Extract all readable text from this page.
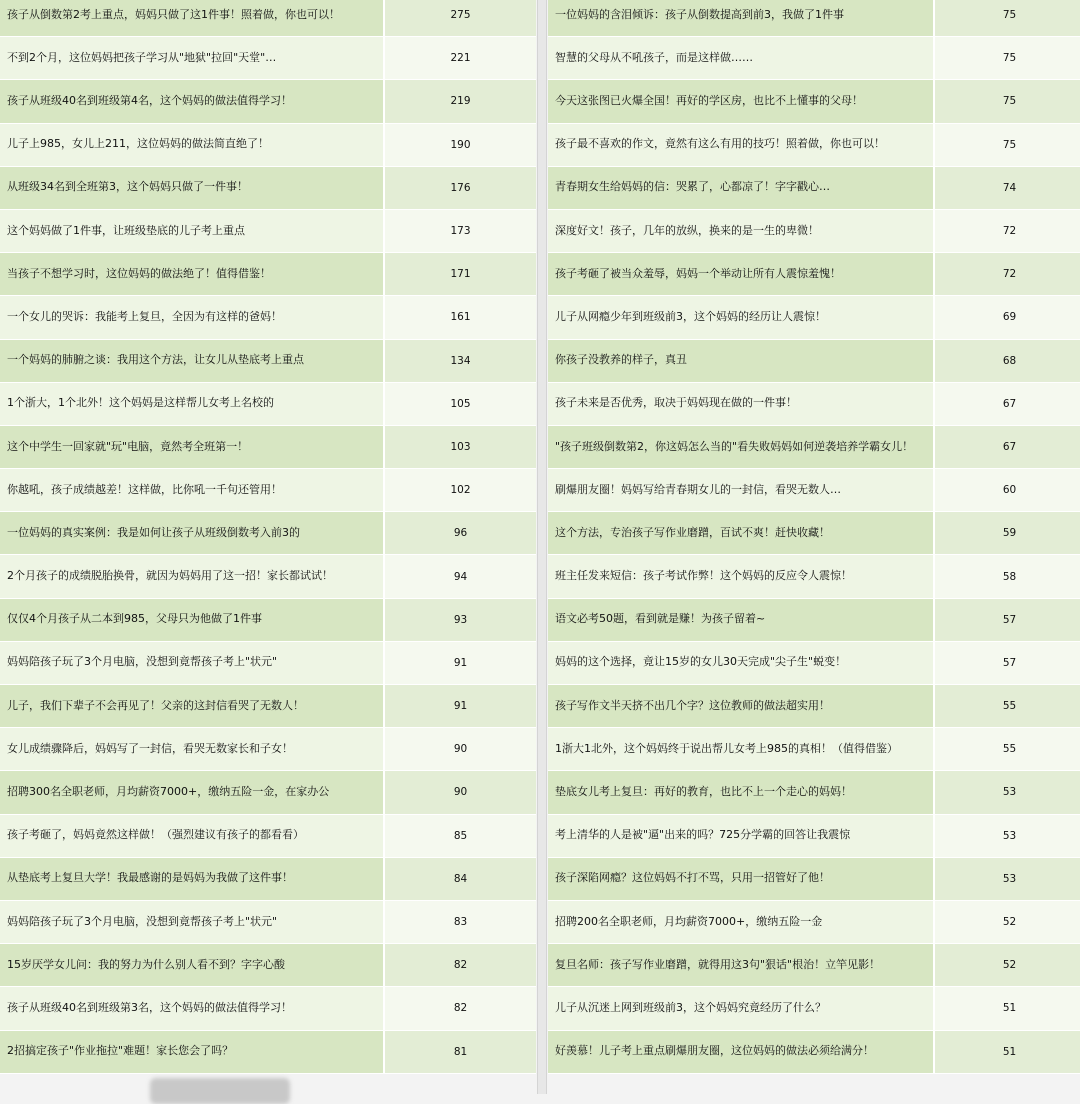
孩子从倒数第2考上重点，妈妈只做了这1件事！照着做，你也可以！	275
不到2个月，这位妈妈把孩子学习从"地狱"拉回"天堂"…	221
孩子从班级40名到班级第4名，这个妈妈的做法值得学习！	219
儿子上985，女儿上211，这位妈妈的做法简直绝了！	190
从班级34名到全班第3，这个妈妈只做了一件事！	176
这个妈妈做了1件事，让班级垫底的儿子考上重点	173
当孩子不想学习时，这位妈妈的做法绝了！值得借鉴！	171
一个女儿的哭诉：我能考上复旦，全因为有这样的爸妈！	161
一个妈妈的肺腑之谈：我用这个方法，让女儿从垫底考上重点	134
1个浙大，1个北外！这个妈妈是这样帮儿女考上名校的	105
这个中学生一回家就"玩"电脑，竟然考全班第一！	103
你越吼，孩子成绩越差！这样做，比你吼一千句还管用！	102
一位妈妈的真实案例：我是如何让孩子从班级倒数考入前3的	96
2个月孩子的成绩脱胎换骨，就因为妈妈用了这一招！家长都试试！	94
仅仅4个月孩子从二本到985，父母只为他做了1件事	93
妈妈陪孩子玩了3个月电脑，没想到竟帮孩子考上"状元"	91
儿子，我们下辈子不会再见了！父亲的这封信看哭了无数人！	91
女儿成绩骤降后，妈妈写了一封信，看哭无数家长和子女！	90
招聘300名全职老师，月均薪资7000+，缴纳五险一金，在家办公	90
孩子考砸了，妈妈竟然这样做！（强烈建议有孩子的都看看）	85
从垫底考上复旦大学！我最感谢的是妈妈为我做了这件事！	84
妈妈陪孩子玩了3个月电脑，没想到竟帮孩子考上"状元"	83
15岁厌学女儿问：我的努力为什么别人看不到？字字心酸	82
孩子从班级40名到班级第3名，这个妈妈的做法值得学习！	82
2招搞定孩子"作业拖拉"难题！家长您会了吗？	81
一位妈妈的含泪倾诉：孩子从倒数提高到前3，我做了1件事	75
智慧的父母从不吼孩子，而是这样做……	75
今天这张图已火爆全国！再好的学区房，也比不上懂事的父母！	75
孩子最不喜欢的作文，竟然有这么有用的技巧！照着做，你也可以！	75
青春期女生给妈妈的信：哭累了，心都凉了！字字戳心…	74
深度好文！孩子，几年的放纵，换来的是一生的卑微！	72
孩子考砸了被当众羞辱，妈妈一个举动让所有人震惊羞愧！	72
儿子从网瘾少年到班级前3，这个妈妈的经历让人震惊！	69
你孩子没教养的样子，真丑	68
孩子未来是否优秀，取决于妈妈现在做的一件事！	67
"孩子班级倒数第2，你这妈怎么当的"看失败妈妈如何逆袭培养学霸女儿！	67
刷爆朋友圈！妈妈写给青春期女儿的一封信，看哭无数人…	60
这个方法，专治孩子写作业磨蹭，百试不爽！赶快收藏！	59
班主任发来短信：孩子考试作弊！这个妈妈的反应令人震惊！	58
语文必考50题，看到就是赚！为孩子留着~	57
妈妈的这个选择，竟让15岁的女儿30天完成"尖子生"蜕变！	57
孩子写作文半天挤不出几个字？这位教师的做法超实用！	55
1浙大1北外，这个妈妈终于说出帮儿女考上985的真相！（值得借鉴）	55
垫底女儿考上复旦：再好的教育，也比不上一个走心的妈妈！	53
考上清华的人是被"逼"出来的吗？725分学霸的回答让我震惊	53
孩子深陷网瘾？这位妈妈不打不骂，只用一招管好了他！	53
招聘200名全职老师，月均薪资7000+，缴纳五险一金	52
复旦名师：孩子写作业磨蹭，就得用这3句"狠话"根治！立竿见影！	52
儿子从沉迷上网到班级前3，这个妈妈究竟经历了什么？	51
好羡慕！儿子考上重点刷爆朋友圈，这位妈妈的做法必须给满分！	51
